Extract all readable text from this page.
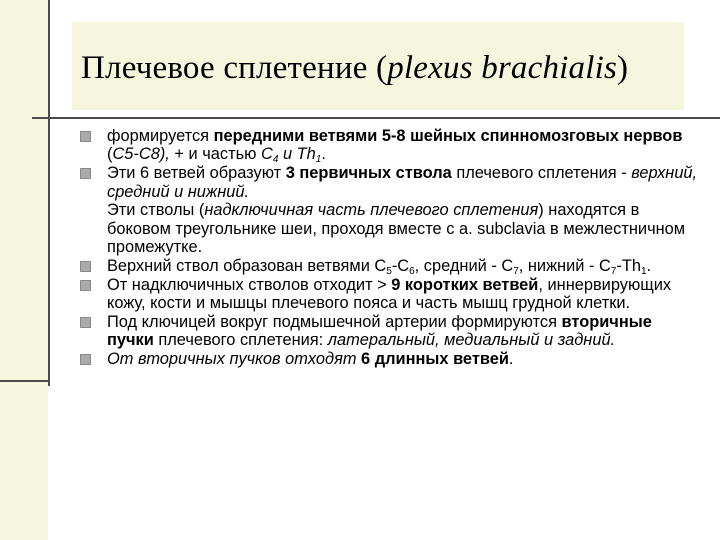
Плечевое сплетение (plexus brachialis)
формируется передними ветвями 5-8 шейных спинномозговых нервов (C5-C8), + и частью $C_4$ и $Th_1$.
Эти 6 ветвей образуют 3 первичных ствола плечевого сплетения - верхний, средний и нижний.
Эти стволы (надключичная часть плечевого сплетения) находятся в боковом треугольнике шеи, проходя вместе с a. subclavia в межлестничном промежутке.
Верхний ствол образован ветвями $C_5-C_6$, средний - $C_7$, нижний - $C_7-Th_1$.
От надключичных стволов отходит > 9 коротких ветвей, иннервирующих кожу, кости и мышцы плечевого пояса и часть мышц грудной клетки.
Под ключицей вокруг подмышечной артерии формируются вторичные пучки плечевого сплетения: латеральный, медиальный и задний.
От вторичных пучков отходят 6 длинных ветвей.
